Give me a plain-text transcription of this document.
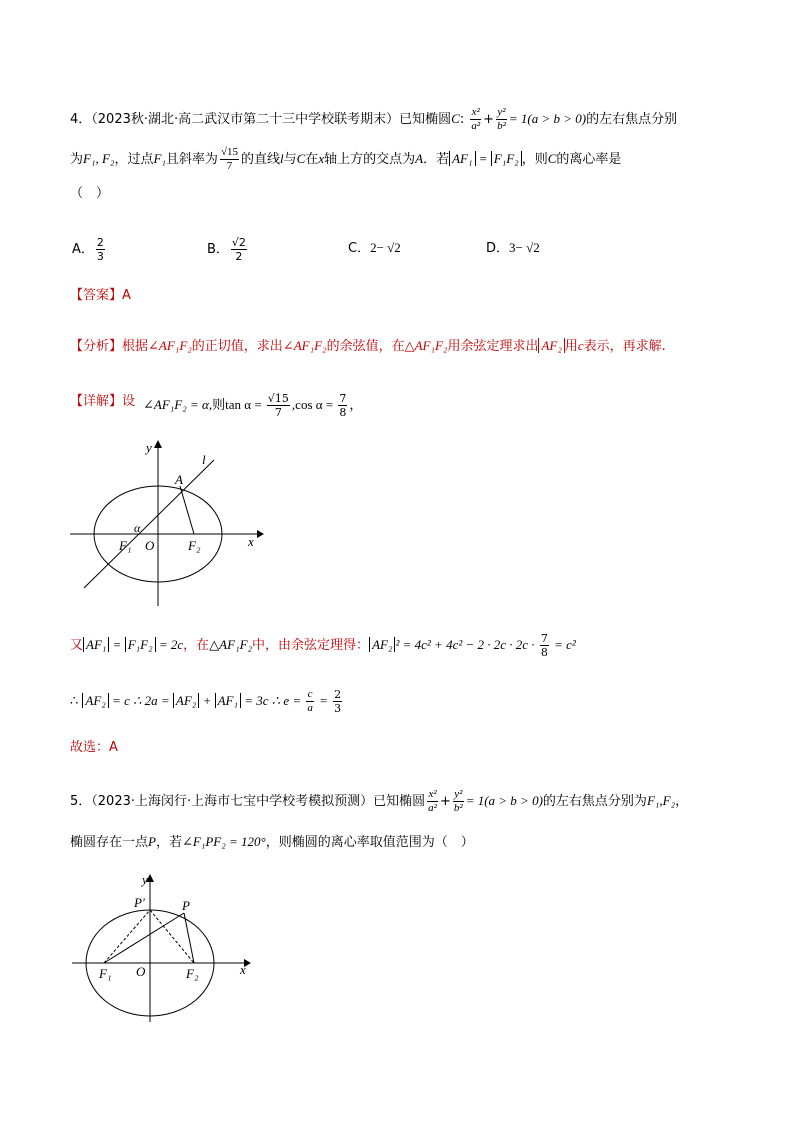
4．（2023秋·湖北·高二武汉市第二十三中学校联考期末）已知椭圆C: $\frac{\text{x²}}{\text{a²}} + \frac{\text{y²}}{\text{b²}} = 1(a > b > 0)$的左右焦点分别
为F₁, F₂，过点F₁且斜率为 $\frac{√15}{7}$ 的直线l与C在x轴上方的交点为A．若 AF₁ = F₁F₂ ，则C的离心率是
（　）
A． $\frac{2}{3}$	B． $\frac{√2}{2}$	C．2− √2	D．3− √2
【答案】A
【分析】根据∠AF₁F₂的正切值，求出∠AF₁F₂的余弦值，在△AF₁F₂用余弦定理求出 AF₂ 用c表示，再求解.
【详解】设 ∠AF₁F₂ = α,则$\tan \alpha = \frac{√15}{7} ,\cos$ $\alpha = \frac{7}{8}$ ，
y
l
A
α
F₁ O	F₂	x
又 AF₁ = F₁F₂ = 2c，在△AF₁F₂中，由余弦定理得： AF₂ $^2 = 4c^2 + 4c^2 - 2 \cdot 2c \cdot 2c \cdot \frac{7}{8} = c^2$
∴ AF₂ = c ∴ 2a = AF₂ + AF₁ = 3c ∴ $e = \frac{c}{a} = \frac{2}{3}$
故选：A
5．（2023·上海闵行·上海市七宝中学校考模拟预测）已知椭圆 $\frac{\text{x²}}{\text{a²}} + \frac{\text{y²}}{\text{b²}} = 1(a > b > 0)$的左右焦点分别为F₁,F₂，
椭圆存在一点P，若∠F₁PF₂ = 120°，则椭圆的离心率取值范围为（　）
y
P′	P
F₁ O	F₂	x
